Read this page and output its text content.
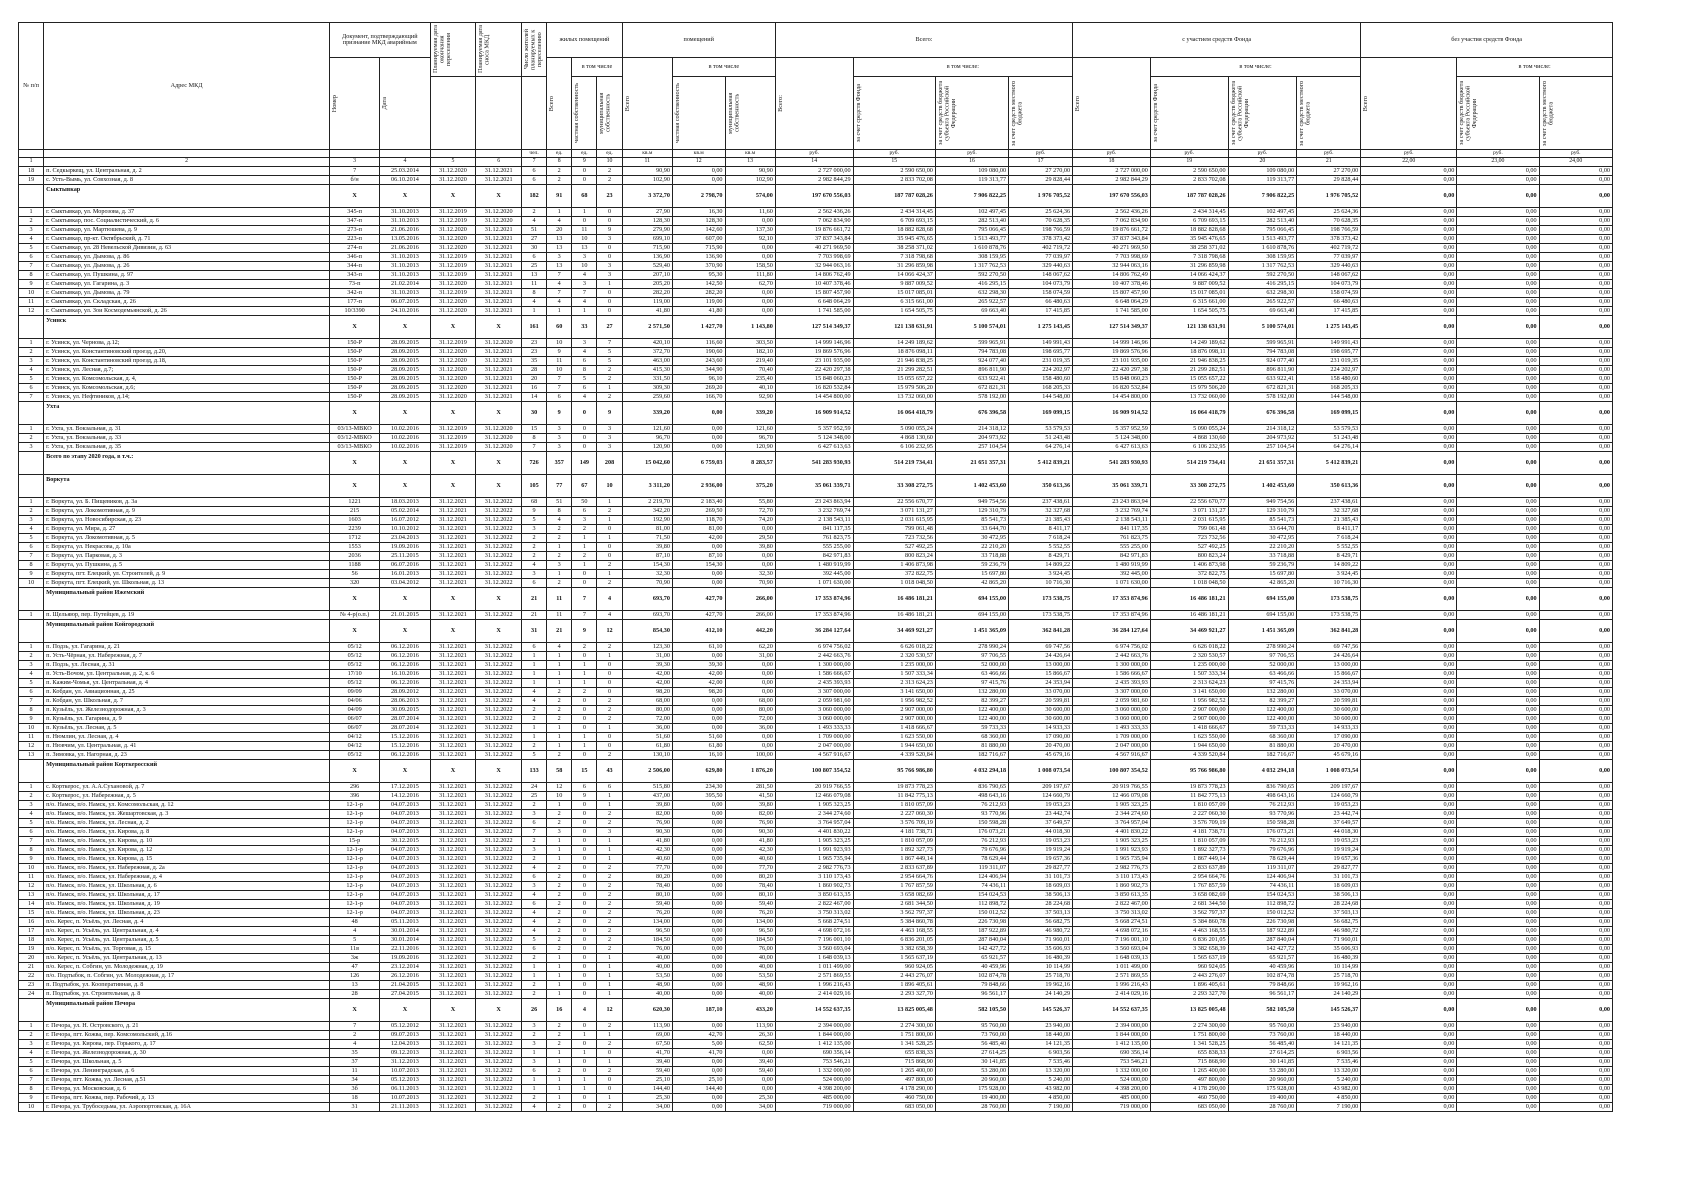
№ п/п	Адрес МКД	Документ, подтверждающий признание МКД аварийным		Планируемая дата окончания переселения	Планируемая дата сноса МКД	Число жителей планируемых к переселению	жилых помещений			помещений			Всего:				с участием средств Фонда				без участия средств Фонда		

		Номер	Дата				Всего	в том числе		Всего	в том числе		Всего:	в том числе:			Всего	в том числе:			Всего	в том числе:	

								частная собственность	муниципальная собственность		частная собственность	муниципальная собственность		за счет средств Фонда	за счет средств бюджета субъекта Российской Федерации	за счет средств местного бюджета		за счет средств Фонда	за счет средств бюджета субъекта Российской Федерации	за счет средств местного бюджета		за счет средств бюджета субъекта Российской Федерации	за счет средств местного бюджета

						чел.	ед.	ед.	ед.	кв.м	кв.м	кв.м	руб.	руб.	руб.	руб.	руб.	руб.	руб.	руб.	руб.	руб.	руб.
1	2	3	4	5	6	7	8	9	10	11	12	13	14	15	16	17	18	19	20	21	22,00	23,00	24,00
18	п. Седкыркещ, ул. Центральная, д. 2	7	25.03.2014	31.12.2020	31.12.2021	6	2	0	2	90,90	0,00	90,90	2 727 000,00	2 590 650,00	109 080,00	27 270,00	2 727 000,00	2 590 650,00	109 080,00	27 270,00	0,00	0,00	0,00
19	с. Усть-Вымь, ул. Совхозная, д. 8	б/н	06.10.2014	31.12.2020	31.12.2021	6	2	0	2	102,90	0,00	102,90	2 982 844,29	2 833 702,08	119 313,77	29 828,44	2 982 844,29	2 833 702,08	119 313,77	29 828,44	0,00	0,00	0,00
	Сыктывкар	X	X	X	X	182	91	68	23	3 372,70	2 798,70	574,00	197 670 556,03	187 787 028,26	7 906 822,25	1 976 705,52	197 670 556,03	187 787 028,26	7 906 822,25	1 976 705,52	0,00	0,00	0,00
1	г. Сыктывкар, ул. Морозова, д. 37	345-п	31.10.2013	31.12.2019	31.12.2020	2	1	1	0	27,90	16,30	11,60	2 562 436,26	2 434 314,45	102 497,45	25 624,36	2 562 436,26	2 434 314,45	102 497,45	25 624,36	0,00	0,00	0,00
2	г. Сыктывкар, пос. Социалистический, д. 6	347-п	31.10.2013	31.12.2019	31.12.2020	4	4	0	0	128,30	128,30	0,00	7 062 834,90	6 709 693,15	282 513,40	70 628,35	7 062 834,90	6 709 693,15	282 513,40	70 628,35	0,00	0,00	0,00
3	г. Сыктывкар, ул. Мартюшева, д. 9	273-п	21.06.2016	31.12.2020	31.12.2021	51	20	11	9	279,90	142,60	137,30	19 876 661,72	18 882 828,68	795 066,45	198 766,59	19 876 661,72	18 882 828,68	795 066,45	198 766,59	0,00	0,00	0,00
4	г. Сыктывкар, пр-кт. Октябрьский, д. 71	223-п	13.05.2016	31.12.2020	31.12.2021	27	13	10	3	699,10	607,00	92,10	37 837 343,84	35 945 476,65	1 513 493,77	378 373,42	37 837 343,84	35 945 476,65	1 513 493,77	378 373,42	0,00	0,00	0,00
5	г. Сыктывкар, ул. 28 Невельской Дивизии, д. 63	274-п	21.06.2016	31.12.2020	31.12.2021	30	13	13	0	715,90	715,90	0,00	40 271 969,50	38 258 371,02	1 610 878,76	402 719,72	40 271 969,50	38 258 371,02	1 610 878,76	402 719,72	0,00	0,00	0,00
6	г. Сыктывкар, ул. Дымова, д. 86	346-п	31.10.2013	31.12.2019	31.12.2021	6	3	3	0	136,90	136,90	0,00	7 703 998,69	7 318 798,68	308 159,95	77 039,97	7 703 998,69	7 318 798,68	308 159,95	77 039,97	0,00	0,00	0,00
7	г. Сыктывкар, ул. Дымова, д. 26	344-п	31.10.2013	31.12.2019	31.12.2021	25	13	10	3	529,40	370,90	158,50	32 944 063,16	31 296 859,98	1 317 762,53	329 440,63	32 944 063,16	31 296 859,98	1 317 762,53	329 440,63	0,00	0,00	0,00
8	г. Сыктывкар, ул. Пушкина, д. 97	343-п	31.10.2013	31.12.2019	31.12.2021	13	7	4	3	207,10	95,30	111,80	14 806 762,49	14 066 424,37	592 270,50	148 067,62	14 806 762,49	14 066 424,37	592 270,50	148 067,62	0,00	0,00	0,00
9	г. Сыктывкар, ул. Гагарина, д. 3	73-п	21.02.2014	31.12.2020	31.12.2021	11	4	3	1	205,20	142,50	62,70	10 407 378,46	9 887 009,52	416 295,15	104 073,79	10 407 378,46	9 887 009,52	416 295,15	104 073,79	0,00	0,00	0,00
10	г. Сыктывкар, ул. Дымова, д. 79	342-п	31.10.2013	31.12.2019	31.12.2021	8	7	7	0	282,20	282,20	0,00	15 807 457,90	15 017 085,01	632 298,30	158 074,59	15 807 457,90	15 017 085,01	632 298,30	158 074,59	0,00	0,00	0,00
11	г. Сыктывкар, ул. Складская, д. 26	177-п	06.07.2015	31.12.2020	31.12.2021	4	4	4	0	119,00	119,00	0,00	6 648 064,29	6 315 661,00	265 922,57	66 480,63	6 648 064,29	6 315 661,00	265 922,57	66 480,63	0,00	0,00	0,00
12	г. Сыктывкар, ул. Зои Космодемьянской, д. 26	10/3390	24.10.2016	31.12.2020	31.12.2021	1	1	1	0	41,80	41,80	0,00	1 741 585,00	1 654 505,75	69 663,40	17 415,85	1 741 585,00	1 654 505,75	69 663,40	17 415,85	0,00	0,00	0,00
	Усинск	X	X	X	X	161	60	33	27	2 571,50	1 427,70	1 143,80	127 514 349,37	121 138 631,91	5 100 574,01	1 275 143,45	127 514 349,37	121 138 631,91	5 100 574,01	1 275 143,45	0,00	0,00	0,00
1	г. Усинск, ул. Чернова, д.12;	150-Р	28.09.2015	31.12.2019	31.12.2020	23	10	3	7	420,10	116,60	303,50	14 999 146,96	14 249 189,62	599 965,91	149 991,43	14 999 146,96	14 249 189,62	599 965,91	149 991,43	0,00	0,00	0,00
2	г. Усинск, ул. Константиновский проезд, д.20,	150-Р	28.09.2015	31.12.2020	31.12.2021	23	9	4	5	372,70	190,60	182,10	19 869 576,96	18 876 098,11	794 783,08	198 695,77	19 869 576,96	18 876 098,11	794 783,08	198 695,77	0,00	0,00	0,00
3	г. Усинск, ул. Константиновский проезд, д.18,	150-Р	28.09.2015	31.12.2020	31.12.2021	35	11	6	5	463,00	243,60	219,40	23 101 935,00	21 946 838,25	924 077,40	231 019,35	23 101 935,00	21 946 838,25	924 077,40	231 019,35	0,00	0,00	0,00
4	г. Усинск, ул. Лесная, д.7;	150-Р	28.09.2015	31.12.2020	31.12.2021	28	10	8	2	415,30	344,90	70,40	22 420 297,38	21 299 282,51	896 811,90	224 202,97	22 420 297,38	21 299 282,51	896 811,90	224 202,97	0,00	0,00	0,00
5	г. Усинск, ул. Комсомольская, д. 4,	150-Р	28.09.2015	31.12.2020	31.12.2021	20	7	5	2	331,50	96,10	235,40	15 848 060,23	15 055 657,22	633 922,41	158 480,60	15 848 060,23	15 055 657,22	633 922,41	158 480,60	0,00	0,00	0,00
6	г. Усинск, ул. Комсомольская, д.6;	150-Р	28.09.2015	31.12.2020	31.12.2021	16	7	6	1	309,30	269,20	40,10	16 820 532,84	15 979 506,20	672 821,31	168 205,33	16 820 532,84	15 979 506,20	672 821,31	168 205,33	0,00	0,00	0,00
7	г. Усинск, ул. Нефтяников, д.14;	150-Р	28.09.2015	31.12.2020	31.12.2021	14	6	4	2	259,60	166,70	92,90	14 454 800,00	13 732 060,00	578 192,00	144 548,00	14 454 800,00	13 732 060,00	578 192,00	144 548,00	0,00	0,00	0,00
	Ухта	X	X	X	X	30	9	0	9	339,20	0,00	339,20	16 909 914,52	16 064 418,79	676 396,58	169 099,15	16 909 914,52	16 064 418,79	676 396,58	169 099,15	0,00	0,00	0,00
1	г. Ухта, ул. Вокзальная, д. 31	03/13-МВКО	10.02.2016	31.12.2019	31.12.2020	15	3	0	3	121,60	0,00	121,60	5 357 952,59	5 090 055,24	214 318,12	53 579,53	5 357 952,59	5 090 055,24	214 318,12	53 579,53	0,00	0,00	0,00
2	г. Ухта, ул. Вокзальная, д. 33	03/12-МВКО	10.02.2016	31.12.2019	31.12.2020	8	3	0	3	96,70	0,00	96,70	5 124 348,00	4 868 130,60	204 973,92	51 243,48	5 124 348,00	4 868 130,60	204 973,92	51 243,48	0,00	0,00	0,00
3	г. Ухта, ул. Вокзальная, д. 35	03/13-МВКО	10.02.2016	31.12.2019	31.12.2020	7	3	0	3	120,90	0,00	120,90	6 427 613,63	6 106 232,95	257 104,54	64 276,14	6 427 613,63	6 106 232,95	257 104,54	64 276,14	0,00	0,00	0,00
	Всего по этапу 2020 года, в т.ч.:	X	X	X	X	726	357	149	208	15 042,60	6 759,03	8 283,57	541 283 930,93	514 219 734,41	21 651 357,31	5 412 839,21	541 283 930,93	514 219 734,41	21 651 357,31	5 412 839,21	0,00	0,00	0,00
	Воркута	X	X	X	X	105	77	67	10	3 311,20	2 936,00	375,20	35 061 339,71	33 308 272,75	1 402 453,60	350 613,36	35 061 339,71	33 308 272,75	1 402 453,60	350 613,36	0,00	0,00	0,00
1	г. Воркута, ул. Б. Пищевиков, д. 3а	1221	18.03.2013	31.12.2021	31.12.2022	68	51	50	1	2 219,70	2 183,40	55,80	23 243 863,94	22 556 670,77	949 754,56	237 438,61	23 243 863,94	22 556 670,77	949 754,56	237 438,61	0,00	0,00	0,00
2	г. Воркута, ул. Локомотивная, д. 9	215	05.02.2014	31.12.2021	31.12.2022	9	8	6	2	342,20	269,50	72,70	3 232 769,74	3 071 131,27	129 310,79	32 327,68	3 232 769,74	3 071 131,27	129 310,79	32 327,68	0,00	0,00	0,00
3	г. Воркута, ул. Новосибирская, д. 23	1603	16.07.2012	31.12.2021	31.12.2022	5	4	3	1	192,90	118,70	74,20	2 138 543,11	2 031 615,95	85 541,73	21 385,43	2 138 543,11	2 031 615,95	85 541,73	21 385,43	0,00	0,00	0,00
4	г. Воркута, ул. Мира, д. 27	2239	10.10.2012	31.12.2021	31.12.2022	3	2	2	0	81,00	81,00	0,00	841 117,35	799 061,48	33 644,70	8 411,17	841 117,35	799 061,48	33 644,70	8 411,17	0,00	0,00	0,00
5	г. Воркута, ул. Локомотивная, д. 5	1712	23.04.2013	31.12.2021	31.12.2022	2	2	1	1	71,50	42,00	29,50	761 823,75	723 732,56	30 472,95	7 618,24	761 823,75	723 732,56	30 472,95	7 618,24	0,00	0,00	0,00
6	г. Воркута, ул. Некрасова, д. 10а	1553	19.09.2016	31.12.2021	31.12.2022	2	1	1	0	39,80	0,00	39,80	555 255,00	527 492,25	22 210,20	5 552,55	555 255,00	527 492,25	22 210,20	5 552,55	0,00	0,00	0,00
7	г. Воркута, ул. Парковая, д. 3	2036	25.11.2015	31.12.2021	31.12.2022	2	2	2	0	87,10	87,10	0,00	842 971,83	800 823,24	33 718,88	8 429,71	842 971,83	800 823,24	33 718,88	8 429,71	0,00	0,00	0,00
8	г. Воркута, ул. Пушкина, д. 5	1188	06.07.2016	31.12.2021	31.12.2022	4	3	1	2	154,30	154,30	0,00	1 480 919,99	1 406 873,98	59 236,79	14 809,22	1 480 919,99	1 406 873,98	59 236,79	14 809,22	0,00	0,00	0,00
9	г. Воркута, пгт. Елецкий, ул. Строителей, д. 9	56	16.01.2013	31.12.2021	31.12.2022	3	1	0	1	32,30	0,00	32,30	392 445,00	372 822,75	15 697,80	3 924,45	392 445,00	372 822,75	15 697,80	3 924,45	0,00	0,00	0,00
10	г. Воркута, пгт. Елецкий, ул. Школьная, д. 13	320	03.04.2012	31.12.2021	31.12.2022	6	2	0	2	70,90	0,00	70,90	1 071 630,00	1 018 048,50	42 865,20	10 716,30	1 071 630,00	1 018 048,50	42 865,20	10 716,30	0,00	0,00	0,00
	Муниципальный район Ижемский	X	X	X	X	21	11	7	4	693,70	427,70	266,00	17 353 874,96	16 486 181,21	694 155,00	173 538,75	17 353 874,96	16 486 181,21	694 155,00	173 538,75	0,00	0,00	0,00
1	п. Щельяюр, пер. Путейцев, д. 19	№ 4-р(о.п.)	21.01.2015	31.12.2021	31.12.2022	21	11	7	4	693,70	427,70	266,00	17 353 874,96	16 486 181,21	694 155,00	173 538,75	17 353 874,96	16 486 181,21	694 155,00	173 538,75	0,00	0,00	0,00
	Муниципальный район Койгородский	X	X	X	X	31	21	9	12	854,30	412,10	442,20	36 284 127,64	34 469 921,27	1 451 365,09	362 841,28	36 284 127,64	34 469 921,27	1 451 365,09	362 841,28	0,00	0,00	0,00
1	п. Подзь, ул. Гагарина, д. 21	05/12	06.12.2016	31.12.2021	31.12.2022	6	4	2	2	123,30	61,10	62,20	6 974 756,02	6 626 018,22	278 990,24	69 747,56	6 974 756,02	6 626 018,22	278 990,24	69 747,56	0,00	0,00	0,00
2	п. Усть-Чёрная, ул. Набережная, д. 7	05/12	06.12.2016	31.12.2021	31.12.2022	1	1	0	1	31,00	0,00	31,00	2 442 663,76	2 320 530,57	97 706,55	24 426,64	2 442 663,76	2 320 530,57	97 706,55	24 426,64	0,00	0,00	0,00
3	п. Подзь, ул. Лесная, д. 31	05/12	06.12.2016	31.12.2021	31.12.2022	1	1	1	0	39,30	39,30	0,00	1 300 000,00	1 235 000,00	52 000,00	13 000,00	1 300 000,00	1 235 000,00	52 000,00	13 000,00	0,00	0,00	0,00
4	п. Усть-Вочом, ул. Центральная, д. 2, к. 6	17/10	16.10.2016	31.12.2021	31.12.2022	1	1	1	0	42,00	42,00	0,00	1 586 666,67	1 507 333,34	63 466,66	15 866,67	1 586 666,67	1 507 333,34	63 466,66	15 866,67	0,00	0,00	0,00
5	п. Кажим-Чомья, ул. Центральная, д. 4	05/12	06.12.2016	31.12.2021	31.12.2022	1	1	1	0	42,00	42,00	0,00	2 435 393,93	2 313 624,23	97 415,76	24 353,94	2 435 393,93	2 313 624,23	97 415,76	24 353,94	0,00	0,00	0,00
6	п. Кобдан, ул. Авиационная, д. 25	09/09	28.09.2012	31.12.2021	31.12.2022	4	2	2	0	98,20	98,20	0,00	3 307 000,00	3 141 650,00	132 280,00	33 070,00	3 307 000,00	3 141 650,00	132 280,00	33 070,00	0,00	0,00	0,00
7	п. Кобдан, ул. Школьная, д. 7	04/06	28.06.2013	31.12.2021	31.12.2022	4	2	0	2	68,00	0,00	68,00	2 059 981,60	1 956 982,52	82 399,27	20 599,81	2 059 981,60	1 956 982,52	82 399,27	20 599,81	0,00	0,00	0,00
8	п. Кузьёль, ул. Железнодорожная, д. 3	04/09	30.09.2015	31.12.2021	31.12.2022	2	2	0	2	80,00	0,00	80,00	3 060 000,00	2 907 000,00	122 400,00	30 600,00	3 060 000,00	2 907 000,00	122 400,00	30 600,00	0,00	0,00	0,00
9	п. Кузьёль, ул. Гагарина, д. 9	06/07	28.07.2014	31.12.2021	31.12.2022	2	2	0	2	72,00	0,00	72,00	3 060 000,00	2 907 000,00	122 400,00	30 600,00	3 060 000,00	2 907 000,00	122 400,00	30 600,00	0,00	0,00	0,00
10	п. Кузьёль, ул. Лесная, д. 5	06/07	28.07.2014	31.12.2021	31.12.2022	1	1	0	1	36,00	0,00	36,00	1 493 333,33	1 418 666,67	59 733,33	14 933,33	1 493 333,33	1 418 666,67	59 733,33	14 933,33	0,00	0,00	0,00
11	п. Нюмлин, ул. Лесная, д. 4	04/12	15.12.2016	31.12.2021	31.12.2022	1	1	1	0	51,60	51,60	0,00	1 709 000,00	1 623 550,00	68 360,00	17 090,00	1 709 000,00	1 623 550,00	68 360,00	17 090,00	0,00	0,00	0,00
12	п. Нювчим, ул. Центральная, д. 41	04/12	15.12.2016	31.12.2021	31.12.2022	2	1	1	0	61,80	61,80	0,00	2 047 000,00	1 944 650,00	81 880,00	20 470,00	2 047 000,00	1 944 650,00	81 880,00	20 470,00	0,00	0,00	0,00
13	п. Зимовка, ул. Нагорная, д. 23	05/12	06.12.2016	31.12.2021	31.12.2022	5	2	0	2	130,10	16,10	100,00	4 567 916,67	4 339 520,84	182 716,67	45 679,16	4 567 916,67	4 339 520,84	182 716,67	45 679,16	0,00	0,00	0,00
	Муниципальный район Корткеросский	X	X	X	X	133	58	15	43	2 506,00	629,80	1 876,20	100 807 354,52	95 766 986,80	4 032 294,18	1 008 073,54	100 807 354,52	95 766 986,80	4 032 294,18	1 008 073,54	0,00	0,00	0,00
1	с. Корткерос, ул. А.А.Сухановой, д. 7	296	17.12.2015	31.12.2021	31.12.2022	24	12	6	6	515,80	234,30	281,50	20 919 766,55	19 873 778,23	836 790,65	209 197,67	20 919 766,55	19 873 778,23	836 790,65	209 197,67	0,00	0,00	0,00
2	с. Корткерос, ул. Набережная, д. 5	396	14.12.2016	31.12.2021	31.12.2022	25	10	9	1	437,00	395,50	41,50	12 466 079,08	11 842 775,13	498 643,16	124 660,79	12 466 079,08	11 842 775,13	498 643,16	124 660,79	0,00	0,00	0,00
3	п/о. Намск, п/о. Намск, ул. Комсомольская, д. 12	12-1-р	04.07.2013	31.12.2021	31.12.2022	2	1	0	1	39,80	0,00	39,80	1 905 323,25	1 810 057,09	76 212,93	19 053,23	1 905 323,25	1 810 057,09	76 212,93	19 053,23	0,00	0,00	0,00
4	п/о. Намск, п/о. Намск, ул. Жешартовская, д. 3	12-1-р	04.07.2013	31.12.2021	31.12.2022	3	2	0	2	82,00	0,00	82,00	2 344 274,60	2 227 060,30	93 770,96	23 442,74	2 344 274,60	2 227 060,30	93 770,96	23 442,74	0,00	0,00	0,00
5	п/о. Намск, п/о. Намск, ул. Лесная, д. 2	12-1-р	04.07.2013	31.12.2021	31.12.2022	6	2	0	2	76,90	0,00	76,90	3 764 957,04	3 576 709,19	150 598,28	37 649,57	3 764 957,04	3 576 709,19	150 598,28	37 649,57	0,00	0,00	0,00
6	п/о. Намск, п/о. Намск, ул. Кирова, д. 8	12-1-р	04.07.2013	31.12.2021	31.12.2022	7	3	0	3	90,30	0,00	90,30	4 401 830,22	4 181 738,71	176 073,21	44 018,30	4 401 830,22	4 181 738,71	176 073,21	44 018,30	0,00	0,00	0,00
7	п/о. Намск, п/о. Намск, ул. Кирова, д. 10	15-р	30.12.2015	31.12.2021	31.12.2022	2	1	0	1	41,80	0,00	41,80	1 905 323,25	1 810 057,09	76 212,93	19 053,23	1 905 323,25	1 810 057,09	76 212,93	19 053,23	0,00	0,00	0,00
8	п/о. Намск, п/о. Намск, ул. Кирова, д. 12	12-1-р	04.07.2013	31.12.2021	31.12.2022	3	1	0	1	42,30	0,00	42,30	1 991 923,93	1 892 327,73	79 676,96	19 919,24	1 991 923,93	1 892 327,73	79 676,96	19 919,24	0,00	0,00	0,00
9	п/о. Намск, п/о. Намск, ул. Кирова, д. 15	12-1-р	04.07.2013	31.12.2021	31.12.2022	2	1	0	1	40,60	0,00	40,60	1 965 735,94	1 867 449,14	78 629,44	19 657,36	1 965 735,94	1 867 449,14	78 629,44	19 657,36	0,00	0,00	0,00
10	п/о. Намск, п/о. Намск, ул. Набережная, д. 2а	12-1-р	04.07.2013	31.12.2021	31.12.2022	4	2	0	2	77,70	0,00	77,70	2 982 776,73	2 833 637,89	119 311,07	29 827,77	2 982 776,73	2 833 637,89	119 311,07	29 827,77	0,00	0,00	0,00
11	п/о. Намск, п/о. Намск, ул. Набережная, д. 4	12-1-р	04.07.2013	31.12.2021	31.12.2022	6	2	0	2	80,20	0,00	80,20	3 110 173,43	2 954 664,76	124 406,94	31 101,73	3 110 173,43	2 954 664,76	124 406,94	31 101,73	0,00	0,00	0,00
12	п/о. Намск, п/о. Намск, ул. Школьная, д. 6	12-1-р	04.07.2013	31.12.2021	31.12.2022	3	2	0	2	78,40	0,00	78,40	1 860 902,73	1 767 857,59	74 436,11	18 609,03	1 860 902,73	1 767 857,59	74 436,11	18 609,03	0,00	0,00	0,00
13	п/о. Намск, п/о. Намск, ул. Школьная, д. 17	12-1-р	04.07.2013	31.12.2021	31.12.2022	4	2	0	2	80,10	0,00	80,10	3 850 613,35	3 658 082,69	154 024,53	38 506,13	3 850 613,35	3 658 082,69	154 024,53	38 506,13	0,00	0,00	0,00
14	п/о. Намск, п/о. Намск, ул. Школьная, д. 19	12-1-р	04.07.2013	31.12.2021	31.12.2022	6	2	0	2	59,40	0,00	59,40	2 822 467,00	2 681 344,50	112 898,72	28 224,68	2 822 467,00	2 681 344,50	112 898,72	28 224,68	0,00	0,00	0,00
15	п/о. Намск, п/о. Намск, ул. Школьная, д. 23	12-1-р	04.07.2013	31.12.2021	31.12.2022	4	2	0	2	76,20	0,00	76,20	3 750 313,02	3 562 797,37	150 012,52	37 503,13	3 750 313,02	3 562 797,37	150 012,52	37 503,13	0,00	0,00	0,00
16	п/о. Керес, п. Усьёль, ул. Лесная, д. 4	48	05.11.2013	31.12.2021	31.12.2022	4	2	0	2	134,00	0,00	134,00	5 668 274,51	5 384 860,78	226 730,98	56 682,75	5 668 274,51	5 384 860,78	226 730,98	56 682,75	0,00	0,00	0,00
17	п/о. Керес, п. Усьёль, ул. Центральная, д. 4	4	30.01.2014	31.12.2021	31.12.2022	4	2	0	2	96,50	0,00	96,50	4 698 072,16	4 463 168,55	187 922,89	46 980,72	4 698 072,16	4 463 168,55	187 922,89	46 980,72	0,00	0,00	0,00
18	п/о. Керес, п. Усьёль, ул. Центральная, д. 5	5	30.01.2014	31.12.2021	31.12.2022	5	2	0	2	184,50	0,00	184,50	7 196 001,10	6 836 201,05	287 840,04	71 960,01	7 196 001,10	6 836 201,05	287 840,04	71 960,01	0,00	0,00	0,00
19	п/о. Керес, п. Усьёль, ул. Торговая, д. 15	11в	22.11.2016	31.12.2021	31.12.2022	6	2	0	2	76,00	0,00	76,00	3 560 693,04	3 382 658,39	142 427,72	35 606,93	3 560 693,04	3 382 658,39	142 427,72	35 606,93	0,00	0,00	0,00
20	п/о. Керес, п. Усьёль, ул. Центральная, д. 13	3ж	19.09.2016	31.12.2021	31.12.2022	2	1	0	1	40,00	0,00	40,00	1 648 039,13	1 565 637,19	65 921,57	16 480,39	1 648 039,13	1 565 637,19	65 921,57	16 480,39	0,00	0,00	0,00
21	п/о. Керес, п. Собгин, ул. Молодежная, д. 19	47	23.12.2014	31.12.2021	31.12.2022	1	1	0	1	40,00	0,00	40,00	1 011 499,00	960 924,05	40 459,96	10 114,99	1 011 499,00	960 924,05	40 459,96	10 114,99	0,00	0,00	0,00
22	п/о. Подтыбок, п. Собгин, ул. Молодежная, д. 17	126	26.12.2016	31.12.2021	31.12.2022	1	1	0	1	53,50	0,00	53,50	2 571 869,55	2 443 276,07	102 874,78	25 718,70	2 571 869,55	2 443 276,07	102 874,78	25 718,70	0,00	0,00	0,00
23	п. Подтыбок, ул. Кооперативная, д. 8	13	21.04.2015	31.12.2021	31.12.2022	2	1	0	1	48,90	0,00	48,90	1 996 216,43	1 896 405,61	79 848,66	19 962,16	1 996 216,43	1 896 405,61	79 848,66	19 962,16	0,00	0,00	0,00
24	п. Подтыбок, ул. Строительная, д. 8	28	27.04.2015	31.12.2021	31.12.2022	2	1	0	1	40,00	0,00	40,00	2 414 029,16	2 293 327,70	96 561,17	24 140,29	2 414 029,16	2 293 327,70	96 561,17	24 140,29	0,00	0,00	0,00
	Муниципальный район Печора	X	X	X	X	26	16	4	12	620,30	187,10	433,20	14 552 637,35	13 825 005,48	582 105,50	145 526,37	14 552 637,35	13 825 005,48	582 105,50	145 526,37	0,00	0,00	0,00
1	г. Печора, ул. Н. Островского, д. 21	7	05.12.2012	31.12.2021	31.12.2022	3	2	0	2	113,90	0,00	113,90	2 394 000,00	2 274 300,00	95 760,00	23 940,00	2 394 000,00	2 274 300,00	95 760,00	23 940,00	0,00	0,00	0,00
2	г. Печора, пгт. Кожва, пер. Комсомольский, д.16	2	09.07.2013	31.12.2021	31.12.2022	2	2	1	1	69,00	42,70	26,30	1 844 000,00	1 751 800,00	73 760,00	18 440,00	1 844 000,00	1 751 800,00	73 760,00	18 440,00	0,00	0,00	0,00
3	г. Печора, ул. Кирова, пер. Горького, д. 17	4	12.04.2013	31.12.2021	31.12.2022	3	2	0	2	67,50	5,00	62,50	1 412 135,00	1 341 528,25	56 485,40	14 121,35	1 412 135,00	1 341 528,25	56 485,40	14 121,35	0,00	0,00	0,00
4	г. Печора, ул. Железнодорожная, д. 30	35	09.12.2013	31.12.2021	31.12.2022	1	1	1	0	41,70	41,70	0,00	690 356,14	655 838,33	27 614,25	6 903,56	690 356,14	655 838,33	27 614,25	6 903,56	0,00	0,00	0,00
5	г. Печора, ул. Школьная, д. 5	37	31.12.2013	31.12.2021	31.12.2022	3	1	0	1	39,40	0,00	39,40	753 546,21	715 868,90	30 141,85	7 535,46	753 546,21	715 868,90	30 141,85	7 535,46	0,00	0,00	0,00
6	г. Печора, ул. Ленинградская, д. 6	11	10.07.2013	31.12.2021	31.12.2022	6	2	0	2	59,40	0,00	59,40	1 332 000,00	1 265 400,00	53 280,00	13 320,00	1 332 000,00	1 265 400,00	53 280,00	13 320,00	0,00	0,00	0,00
7	г. Печора, пгт. Кожва, ул. Лесная, д.51	34	05.12.2013	31.12.2021	31.12.2022	1	1	1	0	25,10	25,10	0,00	524 000,00	497 800,00	20 960,00	5 240,00	524 000,00	497 800,00	20 960,00	5 240,00	0,00	0,00	0,00
8	г. Печора, ул. Московская, д. 6	3б	06.11.2013	31.12.2021	31.12.2022	1	1	1	0	144,40	144,40	0,00	4 398 200,00	4 178 290,00	175 928,00	43 982,00	4 398 200,00	4 178 290,00	175 928,00	43 982,00	0,00	0,00	0,00
9	г. Печора, пгт. Кожва, пер. Рабочий, д. 13	18	10.07.2013	31.12.2021	31.12.2022	2	1	0	1	25,30	0,00	25,30	485 000,00	460 750,00	19 400,00	4 850,00	485 000,00	460 750,00	19 400,00	4 850,00	0,00	0,00	0,00
10	г. Печора, ул. Трубоседьма, ул. Аэропортовская, д. 16А	31	21.11.2013	31.12.2021	31.12.2022	4	2	0	2	34,00	0,00	34,00	719 000,00	683 050,00	28 760,00	7 190,00	719 000,00	683 050,00	28 760,00	7 190,00	0,00	0,00	0,00
